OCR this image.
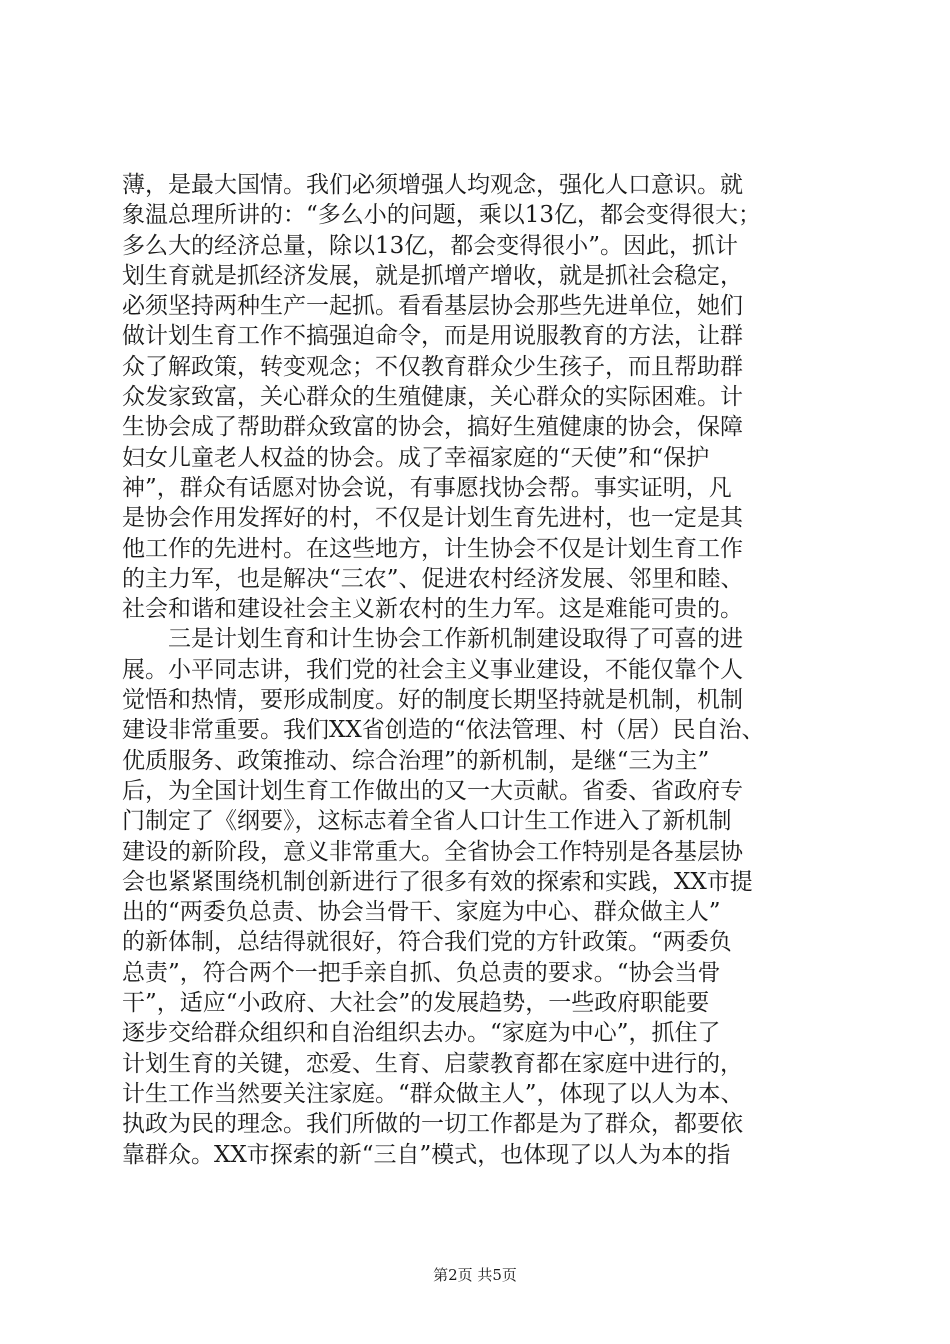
薄，是最大国情。我们必须增强人均观念，强化人口意识。就
象温总理所讲的：“多么小的问题，乘以13亿，都会变得很大；
多么大的经济总量，除以13亿，都会变得很小”。因此，抓计
划生育就是抓经济发展，就是抓增产增收，就是抓社会稳定，
必须坚持两种生产一起抓。看看基层协会那些先进单位，她们
做计划生育工作不搞强迫命令，而是用说服教育的方法，让群
众了解政策，转变观念；不仅教育群众少生孩子，而且帮助群
众发家致富，关心群众的生殖健康，关心群众的实际困难。计
生协会成了帮助群众致富的协会，搞好生殖健康的协会，保障
妇女儿童老人权益的协会。成了幸福家庭的“天使”和“保护
神”，群众有话愿对协会说，有事愿找协会帮。事实证明，凡
是协会作用发挥好的村，不仅是计划生育先进村，也一定是其
他工作的先进村。在这些地方，计生协会不仅是计划生育工作
的主力军，也是解决“三农”、促进农村经济发展、邻里和睦、
社会和谐和建设社会主义新农村的生力军。这是难能可贵的。
三是计划生育和计生协会工作新机制建设取得了可喜的进
展。小平同志讲，我们党的社会主义事业建设，不能仅靠个人
觉悟和热情，要形成制度。好的制度长期坚持就是机制，机制
建设非常重要。我们XX省创造的“依法管理、村（居）民自治、
优质服务、政策推动、综合治理”的新机制，是继“三为主”
后，为全国计划生育工作做出的又一大贡献。省委、省政府专
门制定了《纲要》，这标志着全省人口计生工作进入了新机制
建设的新阶段，意义非常重大。全省协会工作特别是各基层协
会也紧紧围绕机制创新进行了很多有效的探索和实践，XX市提
出的“两委负总责、协会当骨干、家庭为中心、群众做主人”
的新体制，总结得就很好，符合我们党的方针政策。“两委负
总责”，符合两个一把手亲自抓、负总责的要求。“协会当骨
干”，适应“小政府、大社会”的发展趋势，一些政府职能要
逐步交给群众组织和自治组织去办。“家庭为中心”，抓住了
计划生育的关键，恋爱、生育、启蒙教育都在家庭中进行的，
计生工作当然要关注家庭。“群众做主人”，体现了以人为本、
执政为民的理念。我们所做的一切工作都是为了群众，都要依
靠群众。XX市探索的新“三自”模式，也体现了以人为本的指
第2页 共5页
